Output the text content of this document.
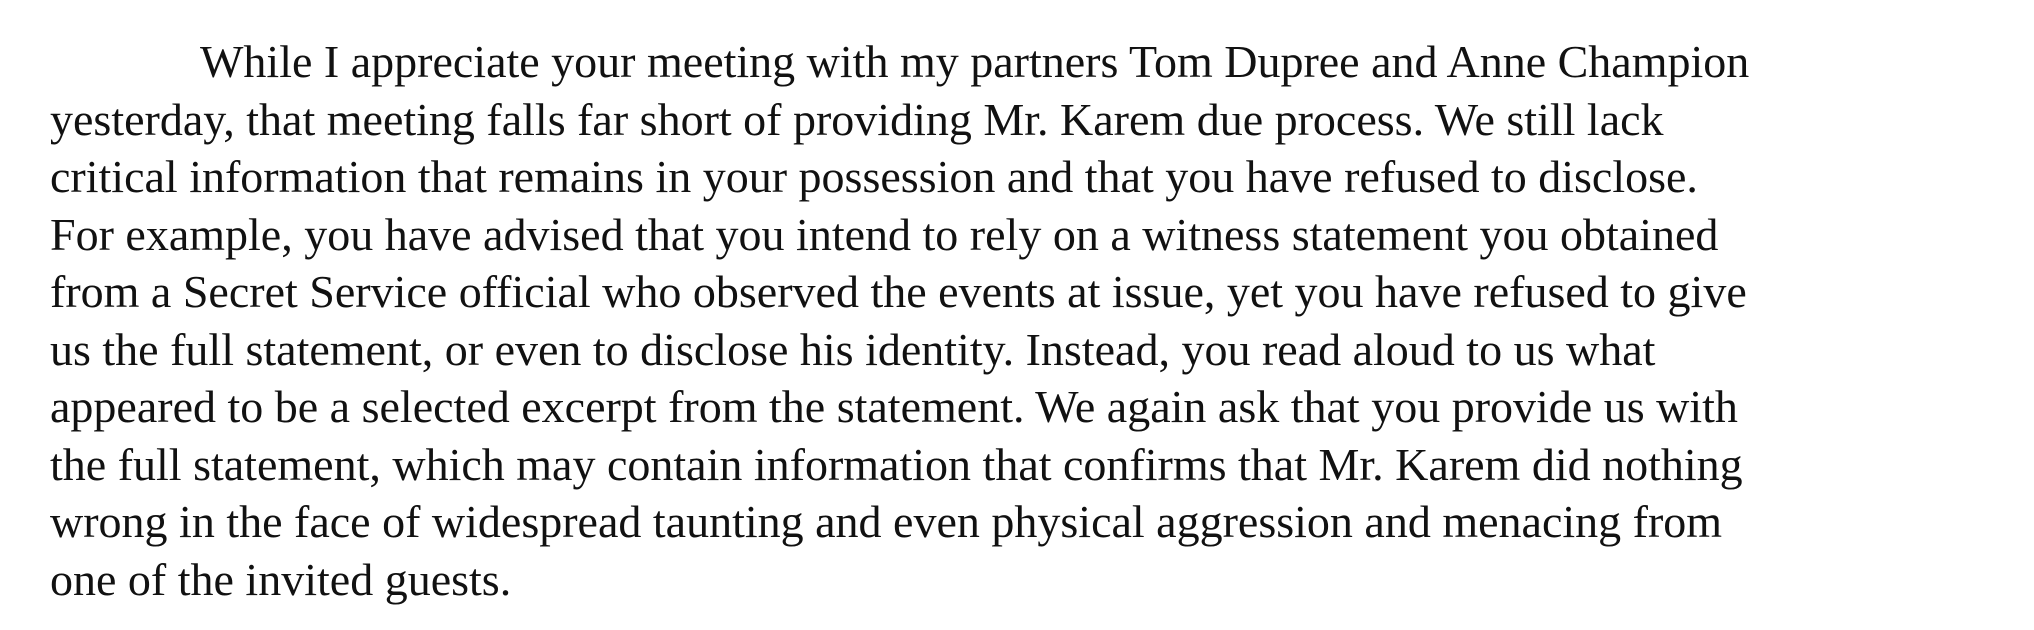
While I appreciate your meeting with my partners Tom Dupree and Anne Champion
yesterday, that meeting falls far short of providing Mr. Karem due process. We still lack
critical information that remains in your possession and that you have refused to disclose.
For example, you have advised that you intend to rely on a witness statement you obtained
from a Secret Service official who observed the events at issue, yet you have refused to give
us the full statement, or even to disclose his identity. Instead, you read aloud to us what
appeared to be a selected excerpt from the statement. We again ask that you provide us with
the full statement, which may contain information that confirms that Mr. Karem did nothing
wrong in the face of widespread taunting and even physical aggression and menacing from
one of the invited guests.
